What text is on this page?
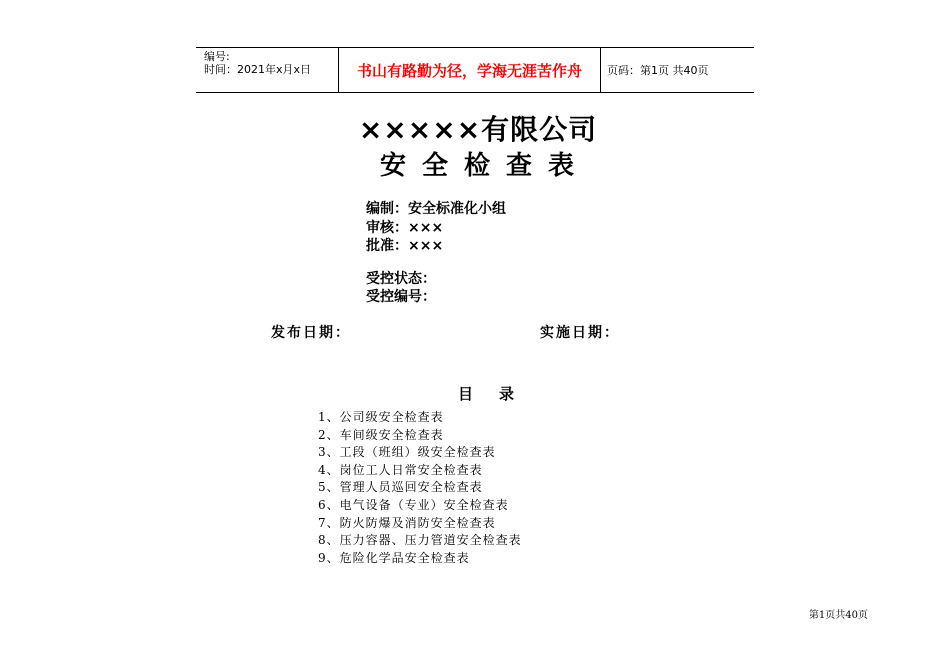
编号:
时间：2021年x月x日	书山有路勤为径，学海无涯苦作舟	页码：第1页 共40页
×××××有限公司
安全检查表
编制：安全标准化小组
审核：×××
批准：×××
受控状态：
受控编号：
发布日期：	实施日期：
目录
1、公司级安全检查表
2、车间级安全检查表
3、工段（班组）级安全检查表
4、岗位工人日常安全检查表
5、管理人员巡回安全检查表
6、电气设备（专业）安全检查表
7、防火防爆及消防安全检查表
8、压力容器、压力管道安全检查表
9、危险化学品安全检查表
第1页共40页
